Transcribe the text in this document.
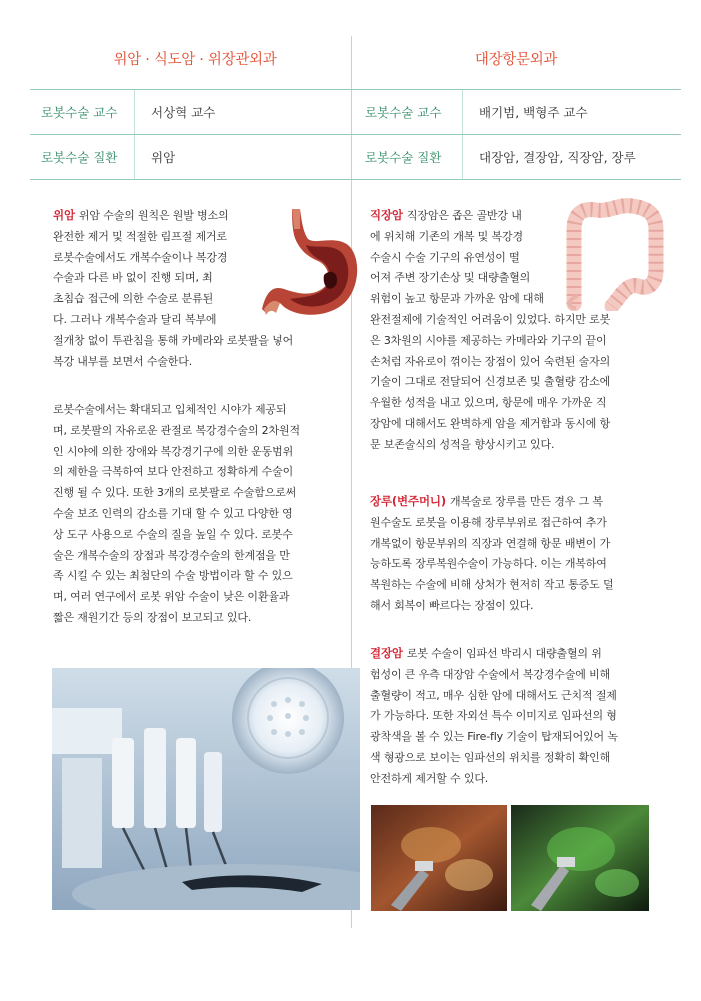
위암 · 식도암 · 위장관외과
로봇수술 교수	서상혁 교수
로봇수술 질환	위암
위암 위암 수술의 원칙은 원발 병소의
완전한 제거 및 적절한 림프절 제거로
로봇수술에서도 개복수술이나 복강경
수술과 다른 바 없이 진행 되며, 최
초침습 접근에 의한 수술로 분류된
다. 그러나 개복수술과 달리 복부에
절개창 없이 투관침을 통해 카메라와 로봇팔을 넣어
복강 내부를 보면서 수술한다.
로봇수술에서는 확대되고 입체적인 시야가 제공되
며, 로봇팔의 자유로운 관절로 복강경수술의 2차원적
인 시야에 의한 장애와 복강경기구에 의한 운동범위
의 제한을 극복하여 보다 안전하고 정확하게 수술이
진행 될 수 있다. 또한 3개의 로봇팔로 수술함으로써
수술 보조 인력의 감소를 기대 할 수 있고 다양한 영
상 도구 사용으로 수술의 질을 높일 수 있다. 로봇수
술은 개복수술의 장점과 복강경수술의 한계점을 만
족 시킬 수 있는 최첨단의 수술 방법이라 할 수 있으
며, 여러 연구에서 로봇 위암 수술이 낮은 이환율과
짧은 재원기간 등의 장점이 보고되고 있다.
대장항문외과
로봇수술 교수	배기범, 백형주 교수
로봇수술 질환	대장암, 결장암, 직장암, 장루
직장암 직장암은 좁은 골반강 내
에 위치해 기존의 개복 및 복강경
수술시 수술 기구의 유연성이 떨
어져 주변 장기손상 및 대량출혈의
위험이 높고 항문과 가까운 암에 대해
완전절제에 기술적인 어려움이 있었다. 하지만 로봇
은 3차원의 시야를 제공하는 카메라와 기구의 끝이
손처럼 자유로이 꺾이는 장점이 있어 숙련된 술자의
기술이 그대로 전달되어 신경보존 및 출혈량 감소에
우월한 성적을 내고 있으며, 항문에 매우 가까운 직
장암에 대해서도 완벽하게 암을 제거함과 동시에 항
문 보존술식의 성적을 향상시키고 있다.
장루(변주머니) 개복술로 장루를 만든 경우 그 복
원수술도 로봇을 이용해 장루부위로 접근하여 추가
개복없이 항문부위의 직장과 연결해 항문 배변이 가
능하도록 장루복원수술이 가능하다. 이는 개복하여
복원하는 수술에 비해 상처가 현저히 작고 통증도 덜
해서 회복이 빠르다는 장점이 있다.
결장암 로봇 수술이 임파선 박리시 대량출혈의 위
험성이 큰 우측 대장암 수술에서 복강경수술에 비해
출혈량이 적고, 매우 심한 암에 대해서도 근치적 절제
가 가능하다. 또한 자외선 특수 이미지로 임파선의 형
광착색을 볼 수 있는 Fire-fly 기술이 탑재되어있어 녹
색 형광으로 보이는 임파선의 위치를 정확히 확인해
안전하게 제거할 수 있다.
